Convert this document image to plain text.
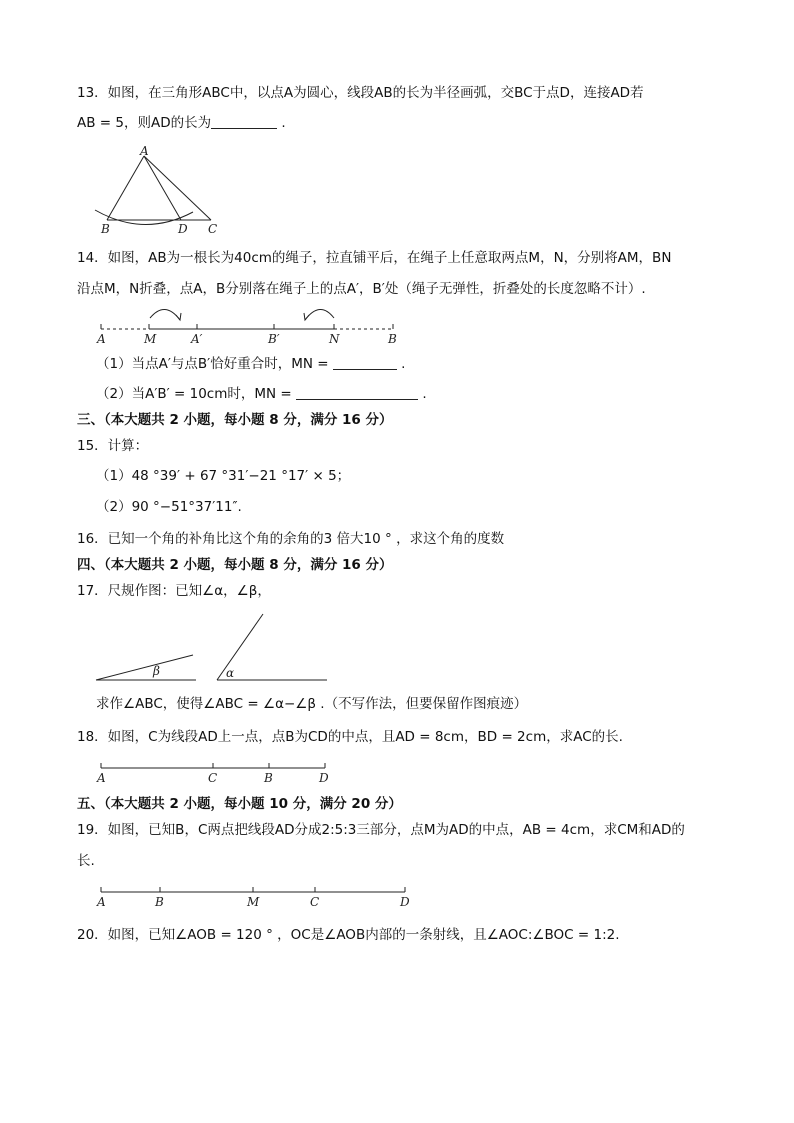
13．如图，在三角形ABC中，以点A为圆心，线段AB的长为半径画弧，交BC于点D，连接AD若
AB = 5，则AD的长为	.
A
B	D C
14．如图，AB为一根长为40cm的绳子，拉直铺平后，在绳子上任意取两点M，N，分别将AM，BN
沿点M，N折叠，点A，B分别落在绳子上的点A′，B′处（绳子无弹性，折叠处的长度忽略不计）.
A	M	A′	B′	N	B
（1）当点A′与点B′恰好重合时，MN =	.
（2）当A′B′ = 10cm时，MN =	.
三、（本大题共 2 小题，每小题 8 分，满分 16 分）
15．计算：
（1）48 °39′ + 67 °31′−21 °17′ × 5；
（2）90 °−51°37′11″.
16．已知一个角的补角比这个角的余角的3 倍大10 ° ，求这个角的度数
四、（本大题共 2 小题，每小题 8 分，满分 16 分）
17．尺规作图：已知∠α，∠β，
β	α
求作∠ABC，使得∠ABC = ∠α−∠β .（不写作法，但要保留作图痕迹）
18．如图，C为线段AD上一点，点B为CD的中点，且AD = 8cm，BD = 2cm，求AC的长.
A	C	B	D
五、（本大题共 2 小题，每小题 10 分，满分 20 分）
19．如图，已知B，C两点把线段AD分成2:5:3三部分，点M为AD的中点，AB = 4cm，求CM和AD的
长.
A	B	M	C	D
20．如图，已知∠AOB = 120 ° ，OC是∠AOB内部的一条射线，且∠AOC:∠BOC = 1:2.
